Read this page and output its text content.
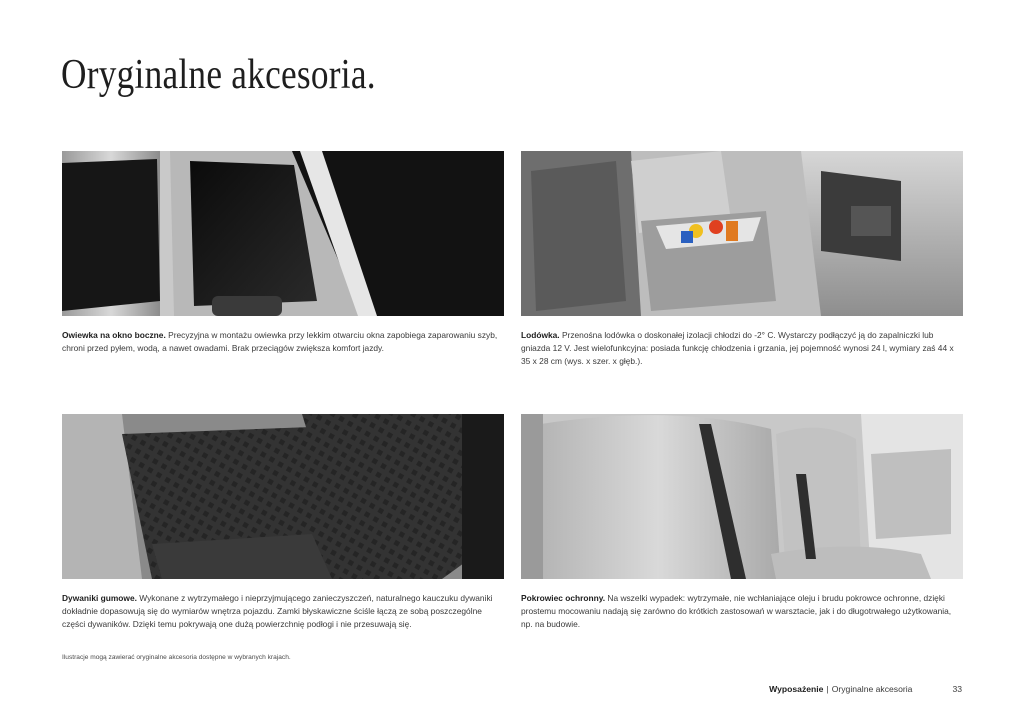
Oryginalne akcesoria.

Owiewka na okno boczne. Precyzyjna w montażu owiewka przy lekkim otwarciu okna zapobiega zaparowaniu szyb, chroni przed pyłem, wodą, a nawet owadami. Brak przeciągów zwiększa komfort jazdy.

Lodówka. Przenośna lodówka o doskonałej izolacji chłodzi do -2° C. Wystarczy podłączyć ją do zapalniczki lub gniazda 12 V. Jest wielofunkcyjna: posiada funkcję chłodzenia i grzania, jej pojemność wynosi 24 l, wymiary zaś 44 x 35 x 28 cm (wys. x szer. x głęb.).

Dywaniki gumowe. Wykonane z wytrzymałego i nieprzyjmującego zanieczyszczeń, naturalnego kauczuku dywaniki dokładnie dopasowują się do wymiarów wnętrza pojazdu. Zamki błyskawiczne ściśle łączą ze sobą poszczególne części dywaników. Dzięki temu pokrywają one dużą powierzchnię podłogi i nie przesuwają się.

Pokrowiec ochronny. Na wszelki wypadek: wytrzymałe, nie wchłaniające oleju i brudu pokrowce ochronne, dzięki prostemu mocowaniu nadają się zarówno do krótkich zastosowań w warsztacie, jak i do długotrwałego użytkowania, np. na budowie.

Ilustracje mogą zawierać oryginalne akcesoria dostępne w wybranych krajach.

Wyposażenie | Oryginalne akcesoria	33
